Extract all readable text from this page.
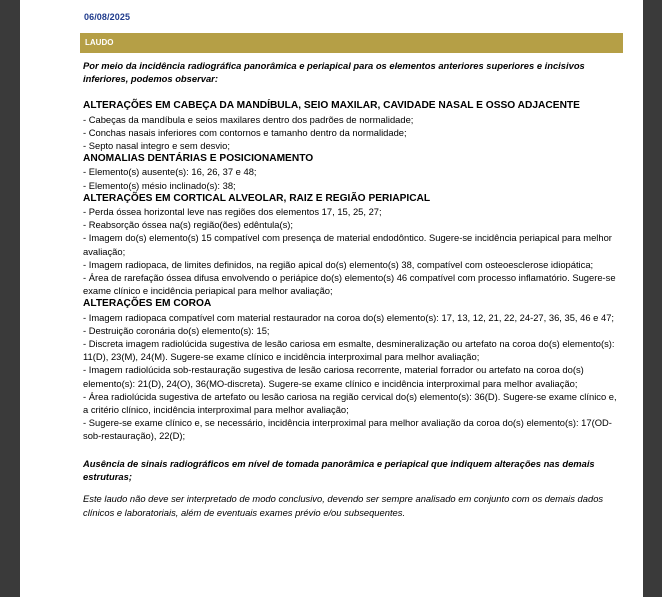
06/08/2025
LAUDO

Por meio da incidência radiográfica panorâmica e periapical para os elementos anteriores superiores e incisivos inferiores, podemos observar:

ALTERAÇÕES EM CABEÇA DA MANDÍBULA, SEIO MAXILAR, CAVIDADE NASAL E OSSO ADJACENTE

- Cabeças da mandíbula e seios maxilares dentro dos padrões de normalidade;

- Conchas nasais inferiores com contornos e tamanho dentro da normalidade;

- Septo nasal integro e sem desvio;

ANOMALIAS DENTÁRIAS E POSICIONAMENTO

- Elemento(s) ausente(s): 16, 26, 37 e 48;

- Elemento(s) mésio inclinado(s): 38;

ALTERAÇÕES EM CORTICAL ALVEOLAR, RAIZ E REGIÃO PERIAPICAL

- Perda óssea horizontal leve nas regiões dos elementos 17, 15, 25, 27;

- Reabsorção óssea na(s) região(ões) edêntula(s);

- Imagem do(s) elemento(s) 15 compatível com presença de material endodôntico. Sugere-se incidência periapical para melhor avaliação;

- Imagem radiopaca, de limites definidos, na região apical do(s) elemento(s) 38, compatível com osteoesclerose idiopática;

- Área de rarefação óssea difusa envolvendo o periápice do(s) elemento(s) 46 compatível com processo inflamatório. Sugere-se exame clínico e incidência periapical para melhor avaliação;

ALTERAÇÕES EM COROA

- Imagem radiopaca compatível com material restaurador na coroa do(s) elemento(s): 17, 13, 12, 21, 22, 24-27, 36, 35, 46 e 47;

- Destruição coronária do(s) elemento(s): 15;

- Discreta imagem radiolúcida sugestiva de lesão cariosa em esmalte, desmineralização ou artefato na coroa do(s) elemento(s): 11(D), 23(M), 24(M). Sugere-se exame clínico e incidência interproximal para melhor avaliação;

- Imagem radiolúcida sob-restauração sugestiva de lesão cariosa recorrente, material forrador ou artefato na coroa do(s) elemento(s): 21(D), 24(O), 36(MO-discreta). Sugere-se exame clínico e incidência interproximal para melhor avaliação;

- Área radiolúcida sugestiva de artefato ou lesão cariosa na região cervical do(s) elemento(s): 36(D). Sugere-se exame clínico e, a critério clínico, incidência interproximal para melhor avaliação;

- Sugere-se exame clínico e, se necessário, incidência interproximal para melhor avaliação da coroa do(s) elemento(s): 17(OD-sob-restauração), 22(D);

Ausência de sinais radiográficos em nível de tomada panorâmica e periapical que indiquem alterações nas demais estruturas;

Este laudo não deve ser interpretado de modo conclusivo, devendo ser sempre analisado em conjunto com os demais dados clínicos e laboratoriais, além de eventuais exames prévio e/ou subsequentes.
